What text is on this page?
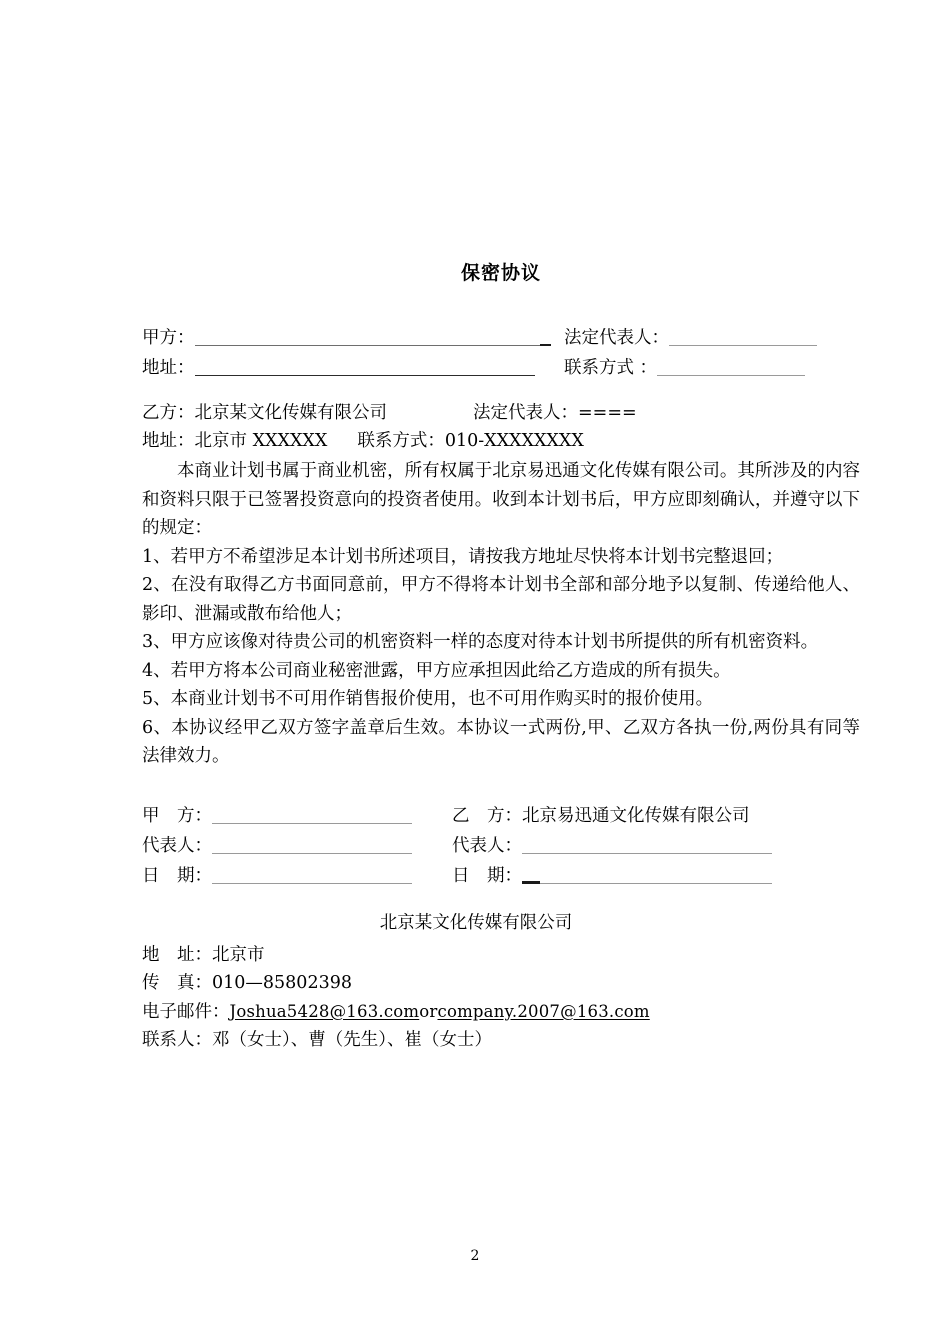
保密协议
甲方：	法定代表人：
地址：	联系方式 ：
乙方：北京某文化传媒有限公司	法定代表人：====
地址：北京市 XXXXXX 联系方式：010-XXXXXXXX

本商业计划书属于商业机密，所有权属于北京易迅通文化传媒有限公司。其所涉及的内容和资料只限于已签署投资意向的投资者使用。收到本计划书后，甲方应即刻确认，并遵守以下的规定：

1、若甲方不希望涉足本计划书所述项目，请按我方地址尽快将本计划书完整退回；

2、在没有取得乙方书面同意前，甲方不得将本计划书全部和部分地予以复制、传递给他人、影印、泄漏或散布给他人；

3、甲方应该像对待贵公司的机密资料一样的态度对待本计划书所提供的所有机密资料。

4、若甲方将本公司商业秘密泄露，甲方应承担因此给乙方造成的所有损失。

5、本商业计划书不可用作销售报价使用，也不可用作购买时的报价使用。

6、本协议经甲乙双方签字盖章后生效。本协议一式两份,甲、乙双方各执一份,两份具有同等法律效力。

甲　方：	乙　方： 北京易迅通文化传媒有限公司
代表人：	代表人：
日　期：	日　期：
北京某文化传媒有限公司
地　址：北京市
传　真：010—85802398
电子邮件：Joshua5428@163.comorcompany.2007@163.com
联系人：邓（女士）、曹（先生）、崔（女士）
2
